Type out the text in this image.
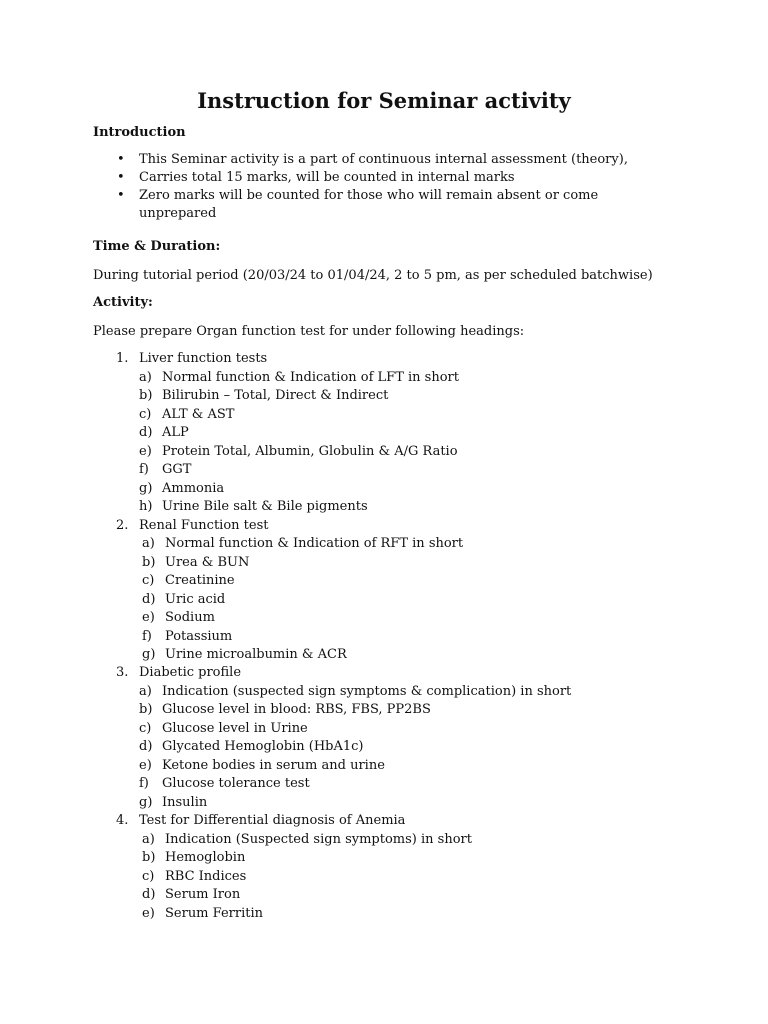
Instruction for Seminar activity
Introduction
• This Seminar activity is a part of continuous internal assessment (theory),
• Carries total 15 marks, will be counted in internal marks
• Zero marks will be counted for those who will remain absent or come
unprepared
Time & Duration:
During tutorial period (20/03/24 to 01/04/24, 2 to 5 pm, as per scheduled batchwise)
Activity:
Please prepare Organ function test for under following headings:
1. Liver function tests
a) Normal function & Indication of LFT in short
b) Bilirubin – Total, Direct & Indirect
c) ALT & AST
d) ALP
e) Protein Total, Albumin, Globulin & A/G Ratio
f) GGT
g) Ammonia
h) Urine Bile salt & Bile pigments
2. Renal Function test
a) Normal function & Indication of RFT in short
b) Urea & BUN
c) Creatinine
d) Uric acid
e) Sodium
f) Potassium
g) Urine microalbumin & ACR
3. Diabetic profile
a) Indication (suspected sign symptoms & complication) in short
b) Glucose level in blood: RBS, FBS, PP2BS
c) Glucose level in Urine
d) Glycated Hemoglobin (HbA1c)
e) Ketone bodies in serum and urine
f) Glucose tolerance test
g) Insulin
4. Test for Differential diagnosis of Anemia
a) Indication (Suspected sign symptoms) in short
b) Hemoglobin
c) RBC Indices
d) Serum Iron
e) Serum Ferritin
